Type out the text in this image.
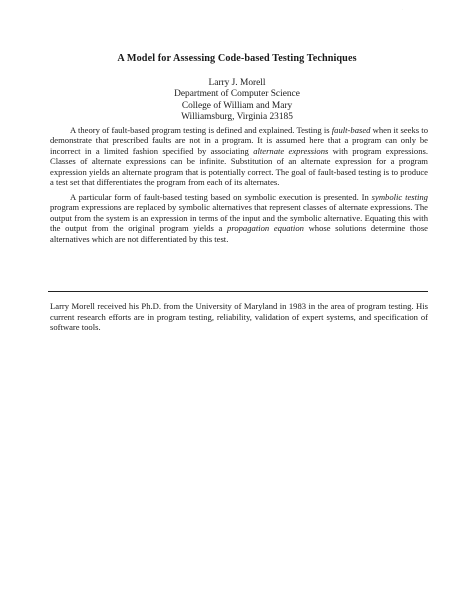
·
A Model for Assessing Code-based Testing Techniques
Larry J. Morell
Department of Computer Science
College of William and Mary
Williamsburg, Virginia 23185

A theory of fault-based program testing is defined and explained. Testing is fault-based when it seeks to demonstrate that prescribed faults are not in a program. It is assumed here that a program can only be incorrect in a limited fashion specified by associating alternate expressions with program expressions. Classes of alternate expressions can be infinite. Substitution of an alternate expression for a program expression yields an alternate program that is potentially correct. The goal of fault-based testing is to produce a test set that differentiates the program from each of its alternates.

A particular form of fault-based testing based on symbolic execution is presented. In symbolic testing program expressions are replaced by symbolic alternatives that represent classes of alternate expressions. The output from the system is an expression in terms of the input and the symbolic alternative. Equating this with the output from the original program yields a propagation equation whose solutions determine those alternatives which are not differentiated by this test.

Larry Morell received his Ph.D. from the University of Maryland in 1983 in the area of program testing. His current research efforts are in program testing, reliability, validation of expert systems, and specification of software tools.
